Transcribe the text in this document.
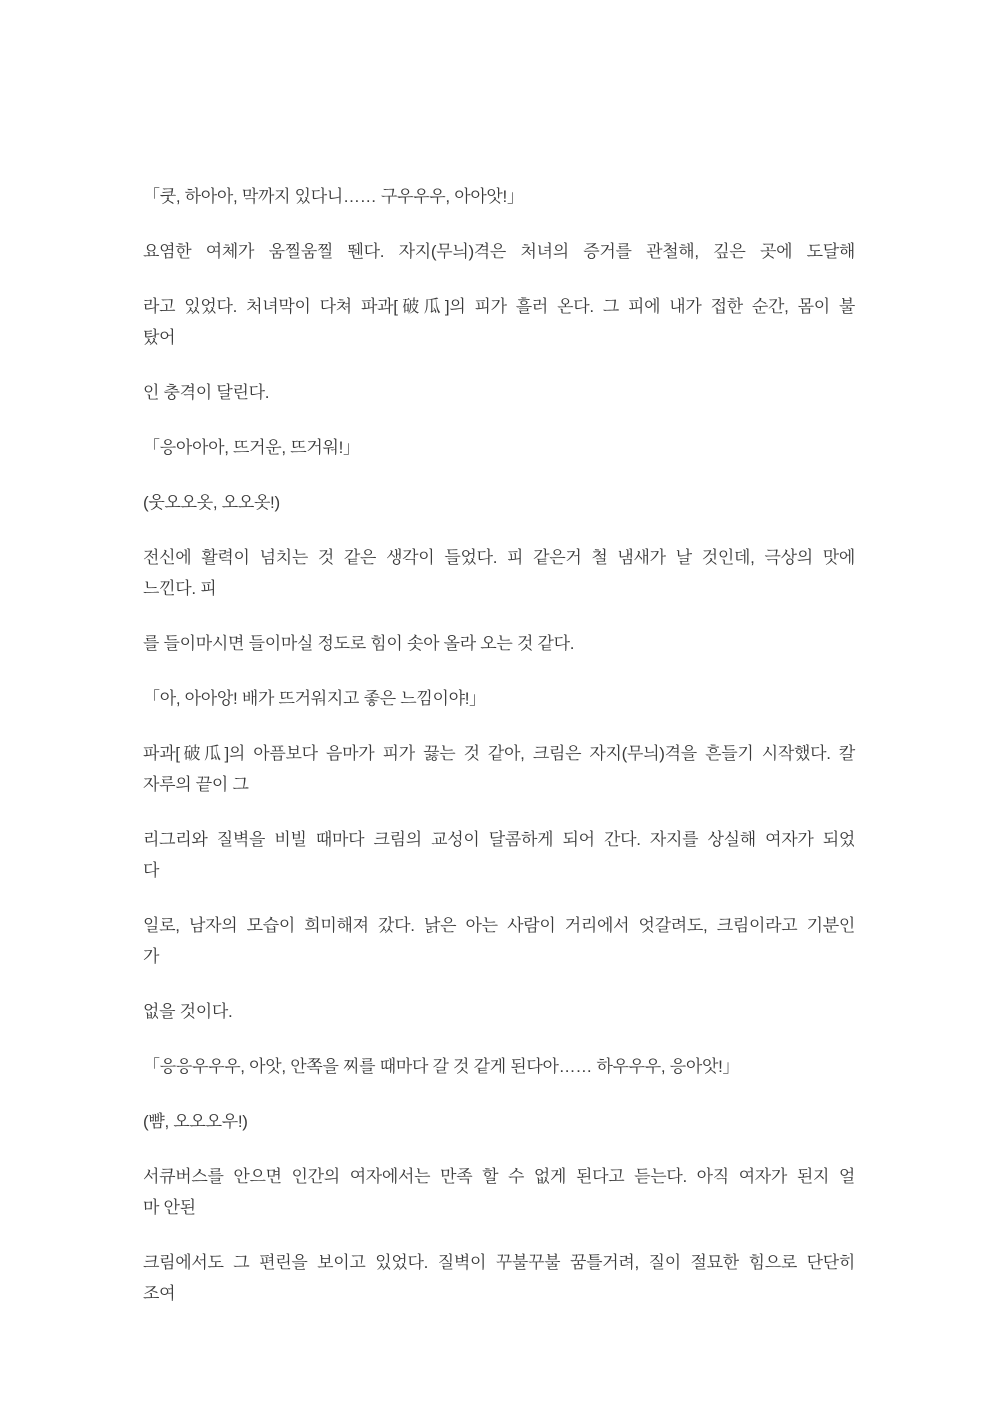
「쿳, 하아아, 막까지 있다니…… 구우우우, 아아앗!」
요염한 여체가 움찔움찔 뛘다. 자지(무늬)격은 처녀의 증거를 관철해, 깊은 곳에 도달해
라고 있었다. 처녀막이 다쳐 파과[破瓜]의 피가 흘러 온다. 그 피에 내가 접한 순간, 몸이 불
탔어
인 충격이 달린다.
「응아아아, 뜨거운, 뜨거워!」
(웃오오옷, 오오옷!)
전신에 활력이 넘치는 것 같은 생각이 들었다. 피 같은거 철 냄새가 날 것인데, 극상의 맛에
느낀다. 피
를 들이마시면 들이마실 정도로 힘이 솟아 올라 오는 것 같다.
「아, 아아앙! 배가 뜨거워지고 좋은 느낌이야!」
파과[破瓜]의 아픔보다 음마가 피가 끓는 것 같아, 크림은 자지(무늬)격을 흔들기 시작했다. 칼
자루의 끝이 그
리그리와 질벽을 비빌 때마다 크림의 교성이 달콤하게 되어 간다. 자지를 상실해 여자가 되었
다
일로, 남자의 모습이 희미해져 갔다. 낡은 아는 사람이 거리에서 엇갈려도, 크림이라고 기분인
가
없을 것이다.
「응응우우우, 아앗, 안쪽을 찌를 때마다 갈 것 같게 된다아…… 하우우우, 응아앗!」
(뺨, 오오오우!)
서큐버스를 안으면 인간의 여자에서는 만족 할 수 없게 된다고 듣는다. 아직 여자가 된지 얼
마 안된
크림에서도 그 편린을 보이고 있었다. 질벽이 꾸불꾸불 꿈틀거려, 질이 절묘한 힘으로 단단히
조여
